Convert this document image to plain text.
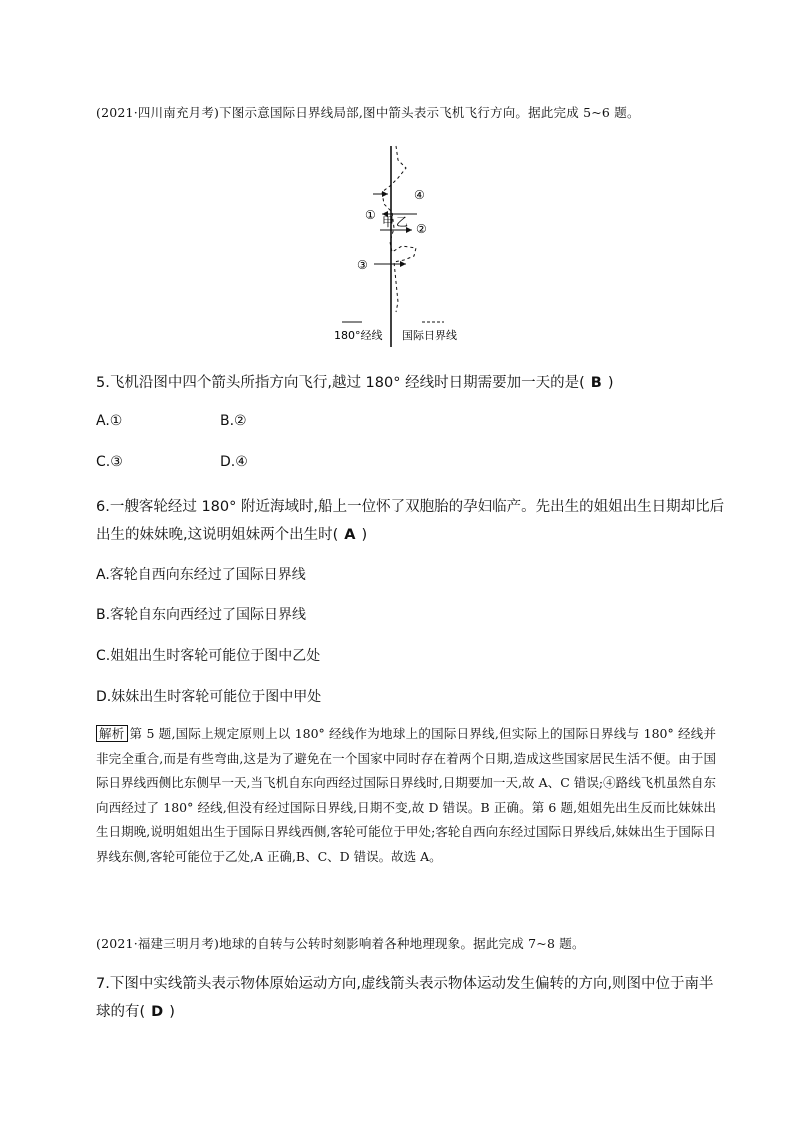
(2021·四川南充月考)下图示意国际日界线局部,图中箭头表示飞机飞行方向。据此完成 5~6 题。
④
① 甲 乙 ②
③
180°经线 国际日界线
5.飞机沿图中四个箭头所指方向飞行,越过 180° 经线时日期需要加一天的是( B )
A.①	B.②
C.③	D.④
6.一艘客轮经过 180° 附近海域时,船上一位怀了双胞胎的孕妇临产。先出生的姐姐出生日期却比后
出生的妹妹晚,这说明姐妹两个出生时( A )
A.客轮自西向东经过了国际日界线
B.客轮自东向西经过了国际日界线
C.姐姐出生时客轮可能位于图中乙处
D.妹妹出生时客轮可能位于图中甲处
解析 第 5 题,国际上规定原则上以 180° 经线作为地球上的国际日界线,但实际上的国际日界线与 180° 经线并非完全重合,而是有些弯曲,这是为了避免在一个国家中同时存在着两个日期,造成这些国家居民生活不便。由于国际日界线西侧比东侧早一天,当飞机自东向西经过国际日界线时,日期要加一天,故 A、C 错误;④路线飞机虽然自东向西经过了 180° 经线,但没有经过国际日界线,日期不变,故 D 错误。B 正确。第 6 题,姐姐先出生反而比妹妹出生日期晚,说明姐姐出生于国际日界线西侧,客轮可能位于甲处;客轮自西向东经过国际日界线后,妹妹出生于国际日界线东侧,客轮可能位于乙处,A 正确,B、C、D 错误。故选 A。
(2021·福建三明月考)地球的自转与公转时刻影响着各种地理现象。据此完成 7~8 题。
7.下图中实线箭头表示物体原始运动方向,虚线箭头表示物体运动发生偏转的方向,则图中位于南半
球的有( D )
